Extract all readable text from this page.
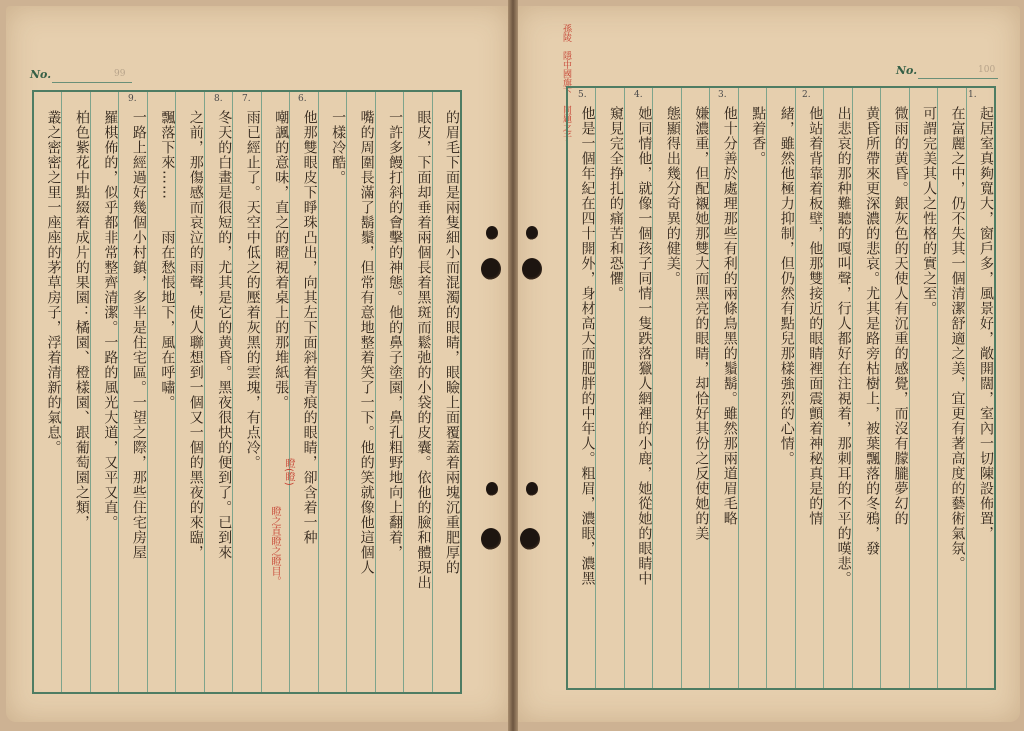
No.	99
的眉毛下面是兩隻細小而混濁的眼睛，眼瞼上面覆蓋着兩塊沉重肥厚的
眼皮，下面却垂着兩個長着黑斑而鬆弛的小袋的皮囊。依他的臉和體現出
一許多饅打斜的會擊的神態。他的鼻子塗園，鼻孔粗野地向上翻着，
嘴的周圍長滿了鬍鬚，但常有意地整着笑了一下。他的笑就像他這個人
一樣冷酷。
他那雙眼皮下睜珠凸出，向其左下面斜着青痕的眼睛，卻含着一种
嘲諷的意味，直之的瞪視着桌上的那堆紙張。
雨已經止了。天空中低之的壓着灰黑的雲塊，有点冷。
冬天的白畫是很短的，尤其是它的黄昏。黑夜很快的便到了。已到來
之前，那傷感而哀泣的雨聲，使人聯想到一個又一個的黑夜的來臨，
飄落下來……　　雨在愁悵地下，風在呼嘯。
一路上經過好幾個小村鎮，多半是住宅區。一望之際，那些住宅房屋
羅棋佈的，似乎都非常整齊清潔。一路的風光大道，又平又直。
柏色紫花中點綴着成片的果園：橘園、橙樣園、跟葡萄園之類，
叢之密密之里一座座的茅草房子，浮着清新的氣息。
6.
7.
8.
9.
瞪(瞪)
瞪之直瞪之瞪目。
No.	100
孫陵　隱中國旗下　同題之子
起居室真夠寬大，窗戶多，風景好，敞開闊，室內一切陳設佈置，
在富麗之中，仍不失其一個清潔舒適之美，宜更有著高度的藝術氣氛。
可謂完美其人之性格的實之至。
微雨的黄昏。銀灰色的天使人有沉重的感覺，而沒有朦朧夢幻的
黄昏所帶來更深濃的悲哀。尤其是路旁枯樹上，被葉飄落的冬鴉，發
出悲哀的那种難聽的嘎叫聲，行人都好在注視着，那刺耳的不平的嘆悲。
他站着背靠着板壁，他那雙接近的眼睛裡面震顫着神秘真是的情
緒，雖然他極力抑制，但仍然有點兒那樣強烈的心情。
點着香。
他十分善於處理那些有利的兩條鳥黑的鬚鬍。雖然那兩道眉毛略
嫌濃重，但配襯她那雙大而黑亮的眼睛，却恰好其份之反使她的美
態顯得出幾分奇異的健美。
她同情他，就像一個孩子同情一隻跌落獵人網裡的小鹿，她從她的眼睛中
窺見完全挣扎的痛苦和恐懼。
他是一個年紀在四十開外，身材高大而肥胖的中年人。粗眉，濃眼，濃黑
1.
2.
3.
4.
5.
